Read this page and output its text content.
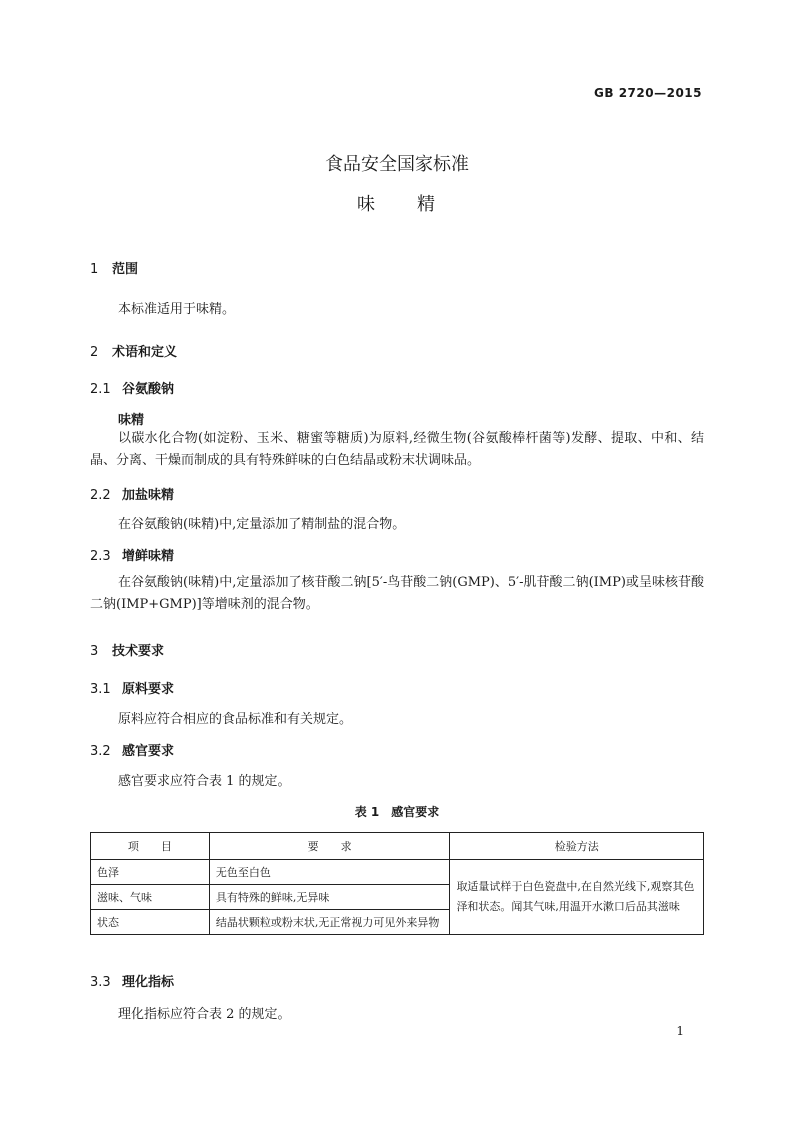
GB 2720—2015
食品安全国家标准
味　　精
1 范围
本标准适用于味精。
2 术语和定义
2.1 谷氨酸钠
味精
以碳水化合物(如淀粉、玉米、糖蜜等糖质)为原料,经微生物(谷氨酸棒杆菌等)发酵、提取、中和、结晶、分离、干燥而制成的具有特殊鲜味的白色结晶或粉末状调味品。
2.2 加盐味精
在谷氨酸钠(味精)中,定量添加了精制盐的混合物。
2.3 增鲜味精
在谷氨酸钠(味精)中,定量添加了核苷酸二钠[5′-鸟苷酸二钠(GMP)、5′-肌苷酸二钠(IMP)或呈味核苷酸二钠(IMP+GMP)]等增味剂的混合物。
3 技术要求
3.1 原料要求
原料应符合相应的食品标准和有关规定。
3.2 感官要求
感官要求应符合表 1 的规定。
表 1　感官要求
项　　目	要　　求	检验方法
色泽	无色至白色	取适量试样于白色瓷盘中,在自然光线下,观察其色泽和状态。闻其气味,用温开水漱口后品其滋味
滋味、气味	具有特殊的鲜味,无异味	
状态	结晶状颗粒或粉末状,无正常视力可见外来异物	
3.3 理化指标
理化指标应符合表 2 的规定。
1
